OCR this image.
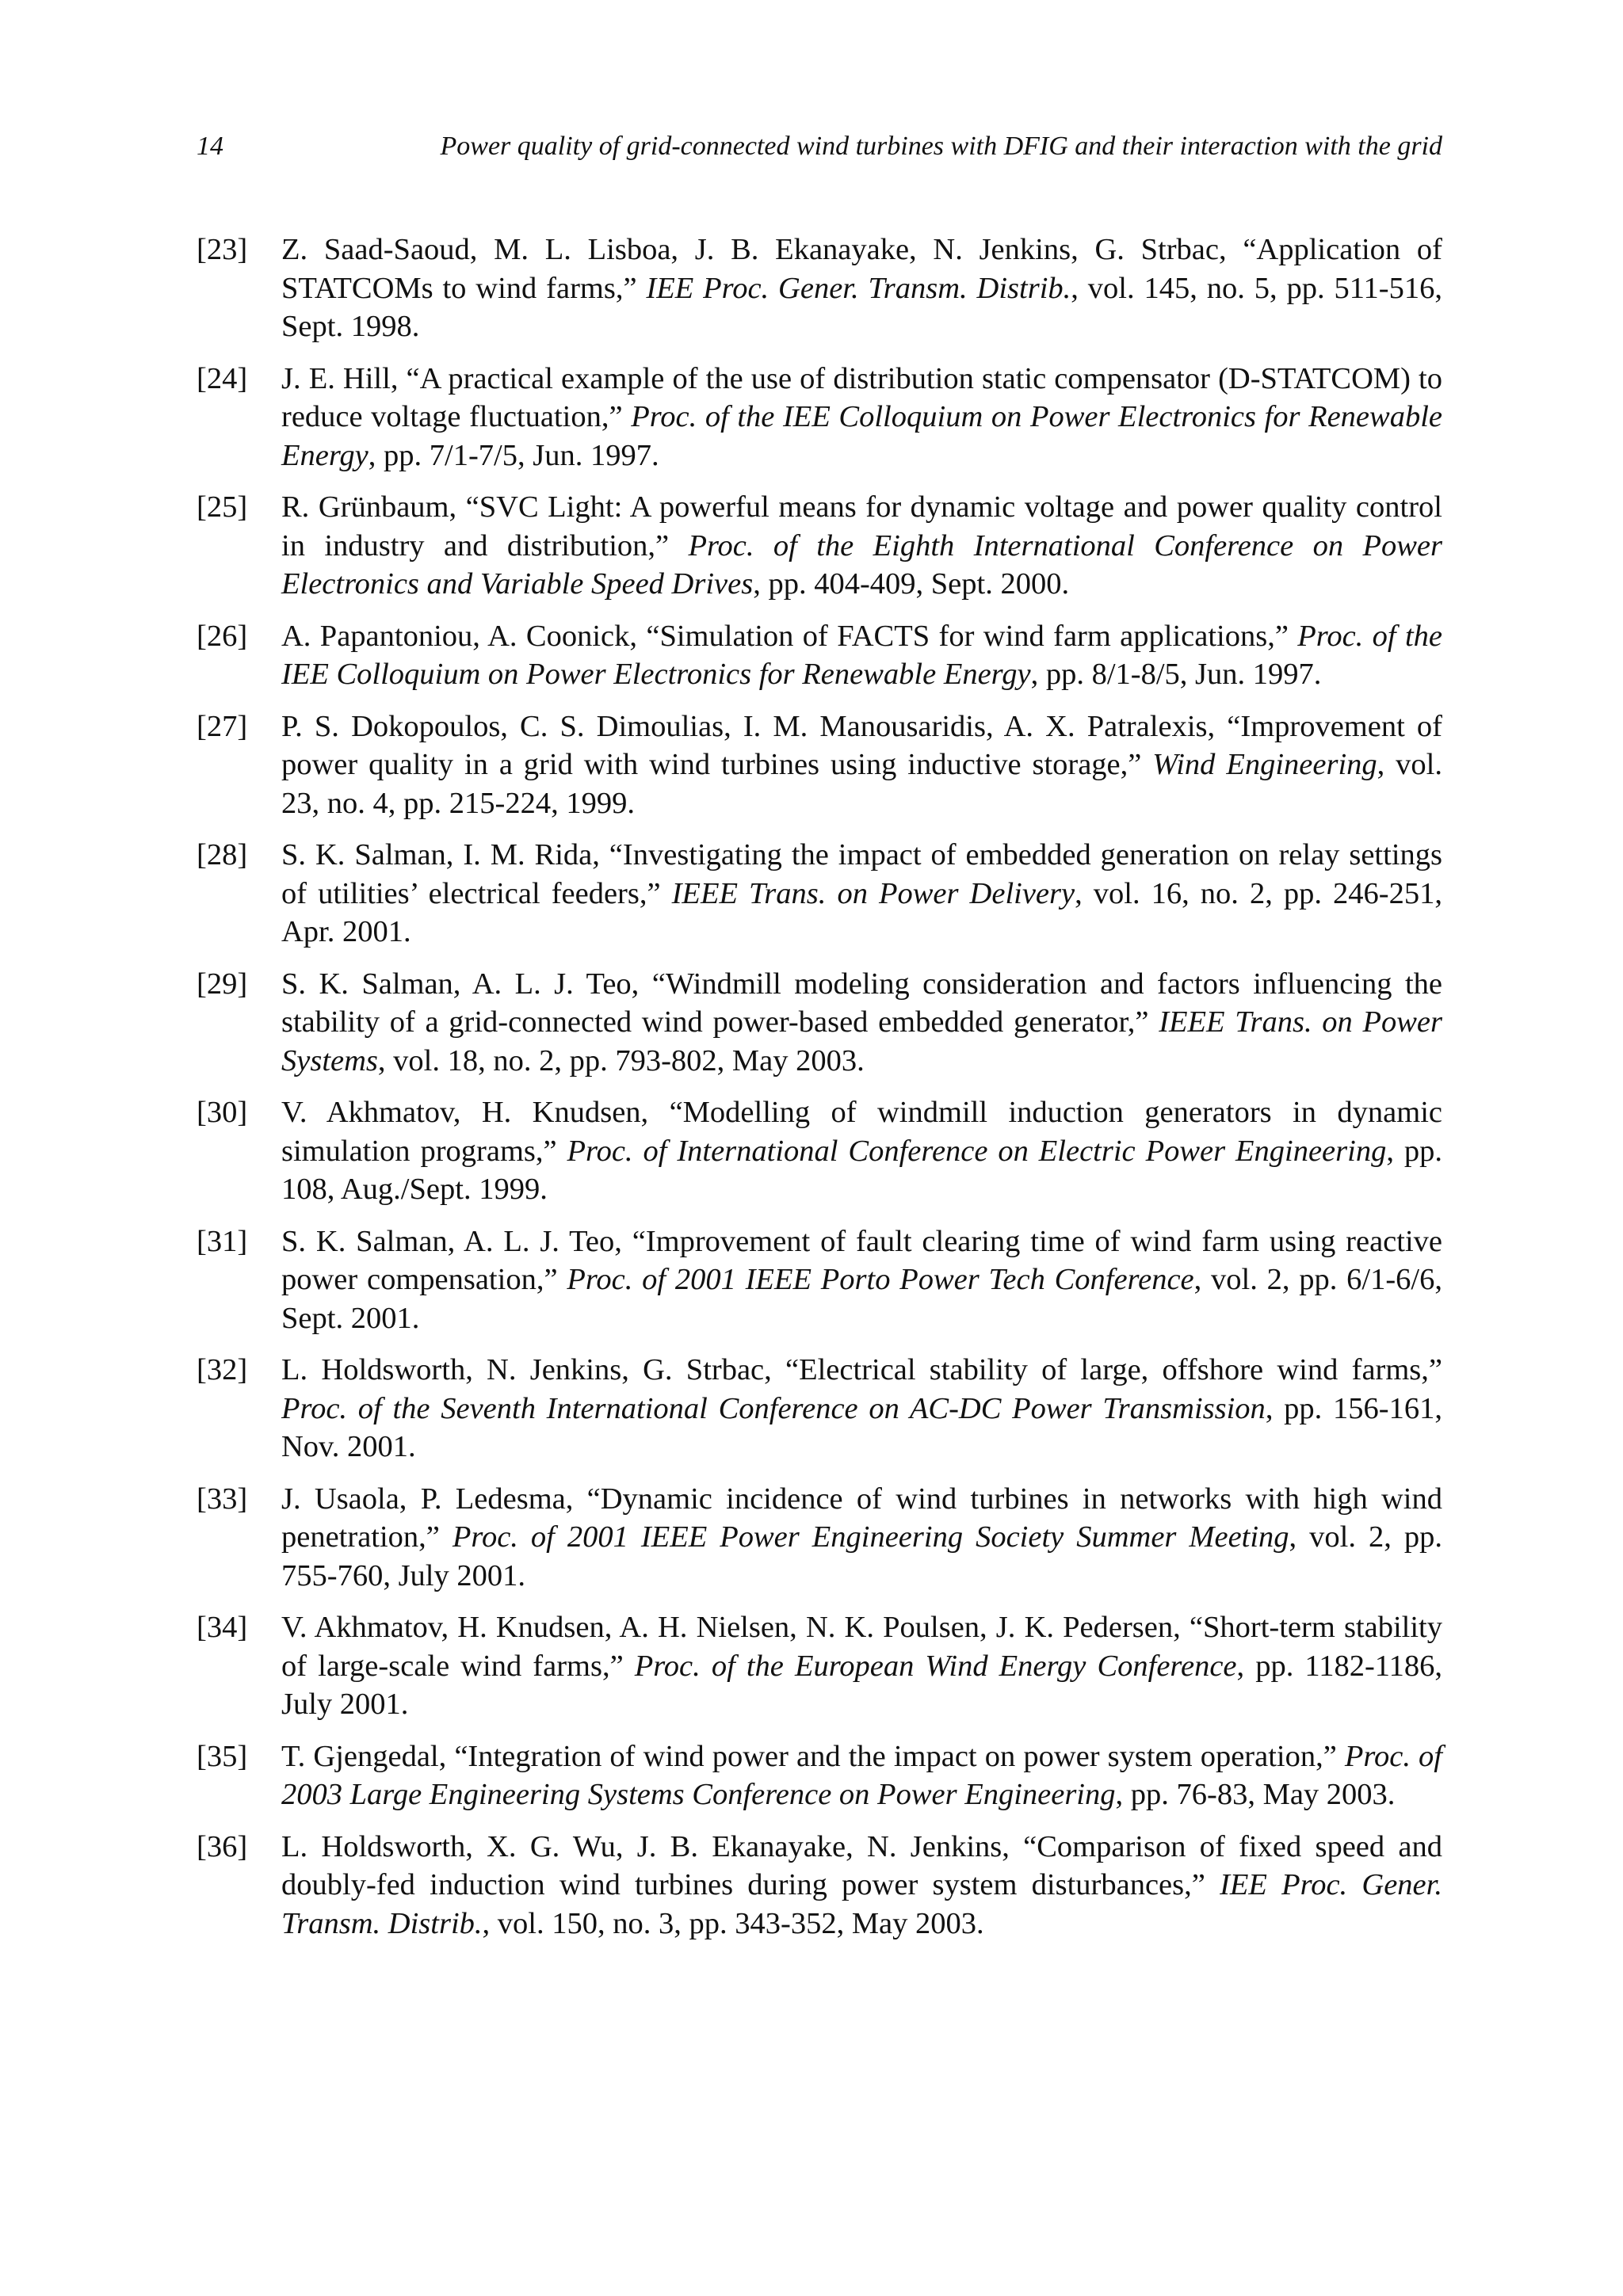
14	Power quality of grid-connected wind turbines with DFIG and their interaction with the grid
[23] Z. Saad-Saoud, M. L. Lisboa, J. B. Ekanayake, N. Jenkins, G. Strbac, “Application of STATCOMs to wind farms,” IEE Proc. Gener. Transm. Distrib., vol. 145, no. 5, pp. 511-516, Sept. 1998.
[24] J. E. Hill, “A practical example of the use of distribution static compensator (D-STATCOM) to reduce voltage fluctuation,” Proc. of the IEE Colloquium on Power Electronics for Renewable Energy, pp. 7/1-7/5, Jun. 1997.
[25] R. Grünbaum, “SVC Light: A powerful means for dynamic voltage and power quality control in industry and distribution,” Proc. of the Eighth International Conference on Power Electronics and Variable Speed Drives, pp. 404-409, Sept. 2000.
[26] A. Papantoniou, A. Coonick, “Simulation of FACTS for wind farm applications,” Proc. of the IEE Colloquium on Power Electronics for Renewable Energy, pp. 8/1-8/5, Jun. 1997.
[27] P. S. Dokopoulos, C. S. Dimoulias, I. M. Manousaridis, A. X. Patralexis, “Improvement of power quality in a grid with wind turbines using inductive storage,” Wind Engineering, vol. 23, no. 4, pp. 215-224, 1999.
[28] S. K. Salman, I. M. Rida, “Investigating the impact of embedded generation on relay settings of utilities’ electrical feeders,” IEEE Trans. on Power Delivery, vol. 16, no. 2, pp. 246-251, Apr. 2001.
[29] S. K. Salman, A. L. J. Teo, “Windmill modeling consideration and factors influencing the stability of a grid-connected wind power-based embedded generator,” IEEE Trans. on Power Systems, vol. 18, no. 2, pp. 793-802, May 2003.
[30] V. Akhmatov, H. Knudsen, “Modelling of windmill induction generators in dynamic simulation programs,” Proc. of International Conference on Electric Power Engineering, pp. 108, Aug./Sept. 1999.
[31] S. K. Salman, A. L. J. Teo, “Improvement of fault clearing time of wind farm using reactive power compensation,” Proc. of 2001 IEEE Porto Power Tech Conference, vol. 2, pp. 6/1-6/6, Sept. 2001.
[32] L. Holdsworth, N. Jenkins, G. Strbac, “Electrical stability of large, offshore wind farms,” Proc. of the Seventh International Conference on AC-DC Power Transmission, pp. 156-161, Nov. 2001.
[33] J. Usaola, P. Ledesma, “Dynamic incidence of wind turbines in networks with high wind penetration,” Proc. of 2001 IEEE Power Engineering Society Summer Meeting, vol. 2, pp. 755-760, July 2001.
[34] V. Akhmatov, H. Knudsen, A. H. Nielsen, N. K. Poulsen, J. K. Pedersen, “Short-term stability of large-scale wind farms,” Proc. of the European Wind Energy Conference, pp. 1182-1186, July 2001.
[35] T. Gjengedal, “Integration of wind power and the impact on power system operation,” Proc. of 2003 Large Engineering Systems Conference on Power Engineering, pp. 76-83, May 2003.
[36] L. Holdsworth, X. G. Wu, J. B. Ekanayake, N. Jenkins, “Comparison of fixed speed and doubly-fed induction wind turbines during power system disturbances,” IEE Proc. Gener. Transm. Distrib., vol. 150, no. 3, pp. 343-352, May 2003.
